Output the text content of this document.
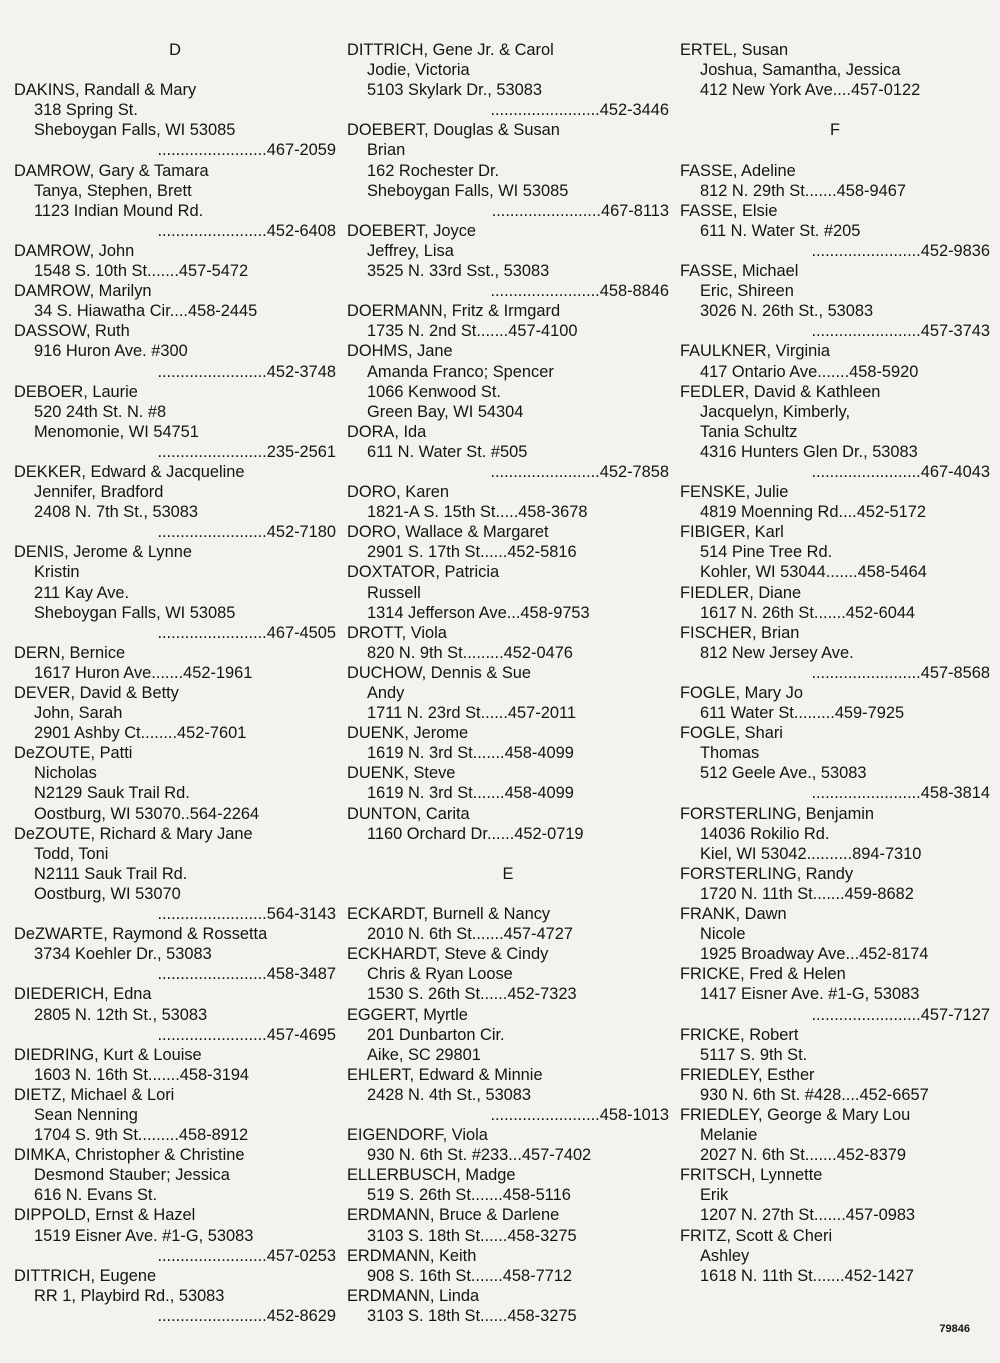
D
DAKINS, Randall & Mary
318 Spring St.
Sheboygan Falls, WI 53085
........................467-2059
DAMROW, Gary & Tamara
Tanya, Stephen, Brett
1123 Indian Mound Rd.
........................452-6408
DAMROW, John
1548 S. 10th St.......457-5472
DAMROW, Marilyn
34 S. Hiawatha Cir....458-2445
DASSOW, Ruth
916 Huron Ave. #300
........................452-3748
DEBOER, Laurie
520 24th St. N. #8
Menomonie, WI 54751
........................235-2561
DEKKER, Edward & Jacqueline
Jennifer, Bradford
2408 N. 7th St., 53083
........................452-7180
DENIS, Jerome & Lynne
Kristin
211 Kay Ave.
Sheboygan Falls, WI 53085
........................467-4505
DERN, Bernice
1617 Huron Ave.......452-1961
DEVER, David & Betty
John, Sarah
2901 Ashby Ct........452-7601
DeZOUTE, Patti
Nicholas
N2129 Sauk Trail Rd.
Oostburg, WI 53070..564-2264
DeZOUTE, Richard & Mary Jane
Todd, Toni
N2111 Sauk Trail Rd.
Oostburg, WI 53070
........................564-3143
DeZWARTE, Raymond & Rossetta
3734 Koehler Dr., 53083
........................458-3487
DIEDERICH, Edna
2805 N. 12th St., 53083
........................457-4695
DIEDRING, Kurt & Louise
1603 N. 16th St.......458-3194
DIETZ, Michael & Lori
Sean Nenning
1704 S. 9th St.........458-8912
DIMKA, Christopher & Christine
Desmond Stauber; Jessica
616 N. Evans St.
DIPPOLD, Ernst & Hazel
1519 Eisner Ave. #1-G, 53083
........................457-0253
DITTRICH, Eugene
RR 1, Playbird Rd., 53083
........................452-8629
DITTRICH, Gene Jr. & Carol
Jodie, Victoria
5103 Skylark Dr., 53083
........................452-3446
DOEBERT, Douglas & Susan
Brian
162 Rochester Dr.
Sheboygan Falls, WI 53085
........................467-8113
DOEBERT, Joyce
Jeffrey, Lisa
3525 N. 33rd Sst., 53083
........................458-8846
DOERMANN, Fritz & Irmgard
1735 N. 2nd St.......457-4100
DOHMS, Jane
Amanda Franco; Spencer
1066 Kenwood St.
Green Bay, WI 54304
DORA, Ida
611 N. Water St. #505
........................452-7858
DORO, Karen
1821-A S. 15th St.....458-3678
DORO, Wallace & Margaret
2901 S. 17th St......452-5816
DOXTATOR, Patricia
Russell
1314 Jefferson Ave...458-9753
DROTT, Viola
820 N. 9th St.........452-0476
DUCHOW, Dennis & Sue
Andy
1711 N. 23rd St......457-2011
DUENK, Jerome
1619 N. 3rd St.......458-4099
DUENK, Steve
1619 N. 3rd St.......458-4099
DUNTON, Carita
1160 Orchard Dr......452-0719
E
ECKARDT, Burnell & Nancy
2010 N. 6th St.......457-4727
ECKHARDT, Steve & Cindy
Chris & Ryan Loose
1530 S. 26th St......452-7323
EGGERT, Myrtle
201 Dunbarton Cir.
Aike, SC 29801
EHLERT, Edward & Minnie
2428 N. 4th St., 53083
........................458-1013
EIGENDORF, Viola
930 N. 6th St. #233...457-7402
ELLERBUSCH, Madge
519 S. 26th St.......458-5116
ERDMANN, Bruce & Darlene
3103 S. 18th St......458-3275
ERDMANN, Keith
908 S. 16th St.......458-7712
ERDMANN, Linda
3103 S. 18th St......458-3275
ERTEL, Susan
Joshua, Samantha, Jessica
412 New York Ave....457-0122
F
FASSE, Adeline
812 N. 29th St.......458-9467
FASSE, Elsie
611 N. Water St. #205
........................452-9836
FASSE, Michael
Eric, Shireen
3026 N. 26th St., 53083
........................457-3743
FAULKNER, Virginia
417 Ontario Ave.......458-5920
FEDLER, David & Kathleen
Jacquelyn, Kimberly,
Tania Schultz
4316 Hunters Glen Dr., 53083
........................467-4043
FENSKE, Julie
4819 Moenning Rd....452-5172
FIBIGER, Karl
514 Pine Tree Rd.
Kohler, WI 53044.......458-5464
FIEDLER, Diane
1617 N. 26th St.......452-6044
FISCHER, Brian
812 New Jersey Ave.
........................457-8568
FOGLE, Mary Jo
611 Water St.........459-7925
FOGLE, Shari
Thomas
512 Geele Ave., 53083
........................458-3814
FORSTERLING, Benjamin
14036 Rokilio Rd.
Kiel, WI 53042..........894-7310
FORSTERLING, Randy
1720 N. 11th St.......459-8682
FRANK, Dawn
Nicole
1925 Broadway Ave...452-8174
FRICKE, Fred & Helen
1417 Eisner Ave. #1-G, 53083
........................457-7127
FRICKE, Robert
5117 S. 9th St.
FRIEDLEY, Esther
930 N. 6th St. #428....452-6657
FRIEDLEY, George & Mary Lou
Melanie
2027 N. 6th St.......452-8379
FRITSCH, Lynnette
Erik
1207 N. 27th St.......457-0983
FRITZ, Scott & Cheri
Ashley
1618 N. 11th St.......452-1427
79846
